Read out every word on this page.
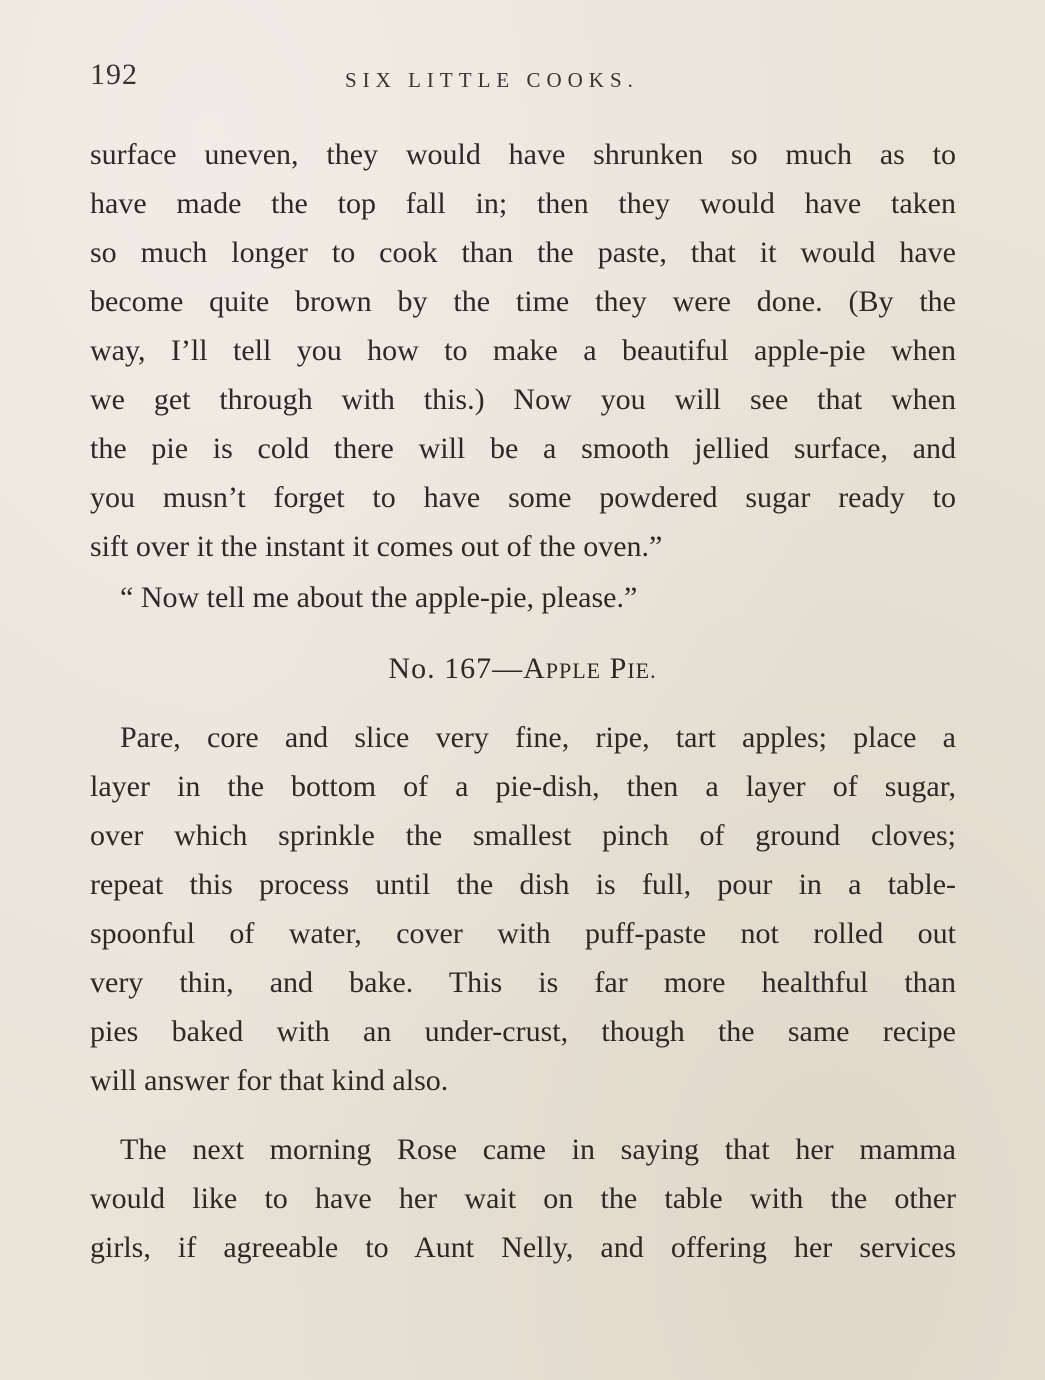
192	SIX LITTLE COOKS.
surface uneven, they would have shrunken so much as to
have made the top fall in; then they would have taken
so much longer to cook than the paste, that it would have
become quite brown by the time they were done. (By the
way, I’ll tell you how to make a beautiful apple-pie when
we get through with this.) Now you will see that when
the pie is cold there will be a smooth jellied surface, and
you musn’t forget to have some powdered sugar ready to
sift over it the instant it comes out of the oven.”
“ Now tell me about the apple-pie, please.”
No. 167—APPLE PIE.
Pare, core and slice very fine, ripe, tart apples; place a
layer in the bottom of a pie-dish, then a layer of sugar,
over which sprinkle the smallest pinch of ground cloves;
repeat this process until the dish is full, pour in a table-
spoonful of water, cover with puff-paste not rolled out
very thin, and bake. This is far more healthful than
pies baked with an under-crust, though the same recipe
will answer for that kind also.
The next morning Rose came in saying that her mamma
would like to have her wait on the table with the other
girls, if agreeable to Aunt Nelly, and offering her services
